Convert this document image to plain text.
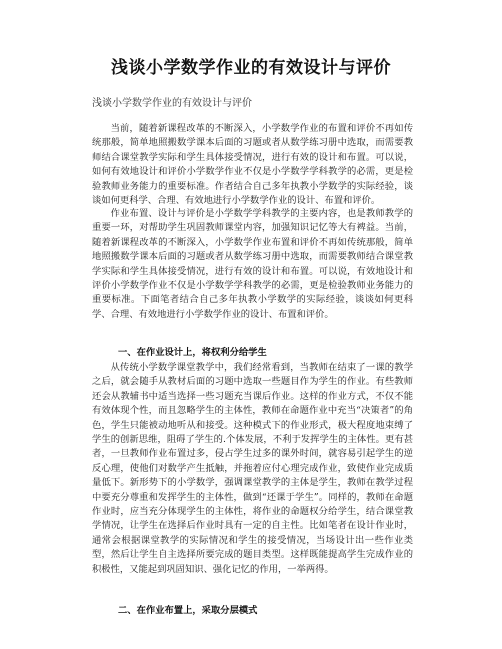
浅谈小学数学作业的有效设计与评价
浅谈小学数学作业的有效设计与评价

当前，随着新课程改革的不断深入，小学数学作业的布置和评价不再如传统那般，简单地照搬数学课本后面的习题或者从数学练习册中选取，而需要教师结合课堂教学实际和学生具体接受情况，进行有效的设计和布置。可以说，如何有效地设计和评价小学数学作业不仅是小学数学学科教学的必需，更是检验教师业务能力的重要标准。作者结合自己多年执教小学数学的实际经验，谈谈如何更科学、合理、有效地进行小学数学作业的设计、布置和评价。

作业布置、设计与评价是小学数学学科教学的主要内容，也是教师教学的重要一环，对帮助学生巩固教师课堂内容，加强知识记忆等大有裨益。当前，随着新课程改革的不断深入，小学数学作业布置和评价不再如传统那般，简单地照搬数学课本后面的习题或者从数学练习册中选取，而需要教师结合课堂教学实际和学生具体接受情况，进行有效的设计和布置。可以说，有效地设计和评价小学数学作业不仅是小学数学学科教学的必需，更是检验教师业务能力的重要标准。下面笔者结合自己多年执教小学数学的实际经验，谈谈如何更科学、合理、有效地进行小学数学作业的设计、布置和评价。

一、在作业设计上，将权利分给学生

从传统小学数学课堂教学中，我们经常看到，当教师在结束了一课的教学之后，就会随手从教材后面的习题中选取一些题目作为学生的作业。有些教师还会从教辅书中适当选择一些习题充当课后作业。这样的作业方式，不仅不能有效体现个性，而且忽略学生的主体性，教师在命题作业中充当“决策者”的角色，学生只能被动地听从和接受。这种模式下的作业形式，极大程度地束缚了学生的创新思维，阻碍了学生的.个体发展，不利于发挥学生的主体性。更有甚者，一旦教师作业布置过多，侵占学生过多的课外时间，就容易引起学生的逆反心理，使他们对数学产生抵触，并拖着应付心理完成作业，致使作业完成质量低下。新形势下的小学数学，强调课堂教学的主体是学生，教师在教学过程中要充分尊重和发挥学生的主体性，做到“还课于学生”。同样的，教师在命题作业时，应当充分体现学生的主体性，将作业的命题权分给学生，结合课堂教学情况，让学生在选择后作业时具有一定的自主性。比如笔者在设计作业时，通常会根据课堂教学的实际情况和学生的接受情况，当场设计出一些作业类型，然后让学生自主选择所要完成的题目类型。这样既能提高学生完成作业的积极性，又能起到巩固知识、强化记忆的作用，一举两得。

二、在作业布置上，采取分层模式
